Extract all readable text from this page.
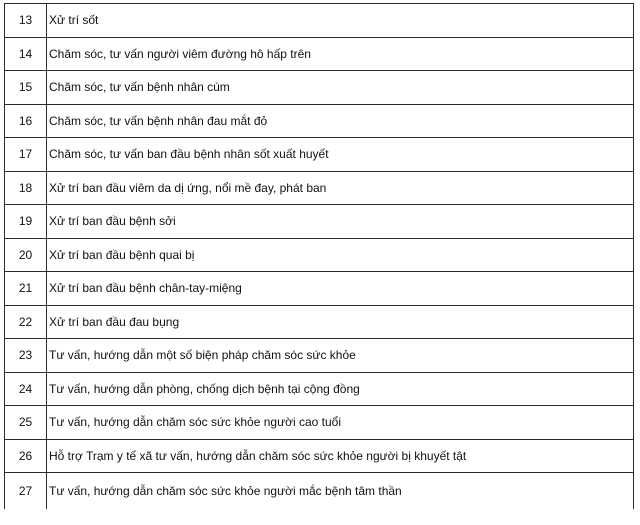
13	Xử trí sốt
14	Chăm sóc, tư vấn người viêm đường hô hấp trên
15	Chăm sóc, tư vấn bệnh nhân cúm
16	Chăm sóc, tư vấn bệnh nhân đau mắt đỏ
17	Chăm sóc, tư vấn ban đầu bệnh nhân sốt xuất huyết
18	Xử trí ban đầu viêm da dị ứng, nổi mề đay, phát ban
19	Xử trí ban đầu bệnh sởi
20	Xử trí ban đầu bệnh quai bị
21	Xử trí ban đầu bệnh chân-tay-miệng
22	Xử trí ban đầu đau bụng
23	Tư vấn, hướng dẫn một số biện pháp chăm sóc sức khỏe
24	Tư vấn, hướng dẫn phòng, chống dịch bệnh tại cộng đồng
25	Tư vấn, hướng dẫn chăm sóc sức khỏe người cao tuổi
26	Hỗ trợ Trạm y tế xã tư vấn, hướng dẫn chăm sóc sức khỏe người bị khuyết tật
27	Tư vấn, hướng dẫn chăm sóc sức khỏe người mắc bệnh tâm thần
